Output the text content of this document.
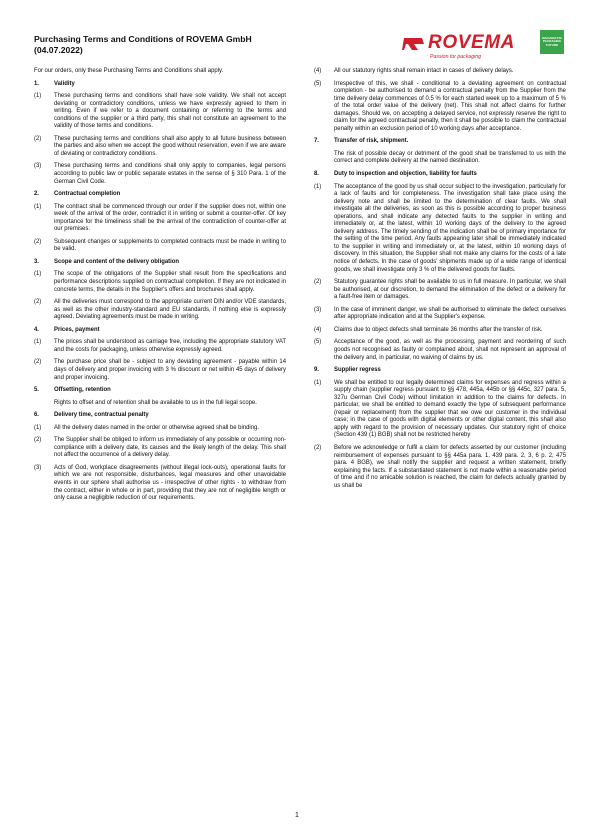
Purchasing Terms and Conditions of ROVEMA GmbH
(04.07.2022)	ROVEMA
Passion for packaging
NACHHALTIG PACKAGING FUTURE

For our orders, only these Purchasing Terms and Conditions shall apply.

1.	Validity
(1)	These purchasing terms and conditions shall have sole validity. We shall not accept deviating or contradictory conditions, unless we have expressly agreed to them in writing. Even if we refer to a document containing or referring to the terms and conditions of the supplier or a third party, this shall not constitute an agreement to the validity of those terms and conditions.
(2)	These purchasing terms and conditions shall also apply to all future business between the parties and also when we accept the good without reservation, even if we are aware of deviating or contradictory conditions.
(3)	These purchasing terms and conditions shall only apply to companies, legal persons according to public law or public separate estates in the sense of § 310 Para. 1 of the German Civil Code.
2.	Contractual completion
(1)	The contract shall be commenced through our order if the supplier does not, within one week of the arrival of the order, contradict it in writing or submit a counter-offer. Of key importance for the timeliness shall be the arrival of the contradiction of counter-offer at our premises.
(2)	Subsequent changes or supplements to completed contracts must be made in writing to be valid.
3.	Scope and content of the delivery obligation
(1)	The scope of the obligations of the Supplier shall result from the specifications and performance descriptions supplied on contractual completion. If they are not indicated in concrete terms, the details in the Supplier's offers and brochures shall apply.
(2)	All the deliveries must correspond to the appropriate current DIN and/or VDE standards, as well as the other industry-standard and EU standards, if nothing else is expressly agreed. Deviating agreements must be made in writing.
4.	Prices, payment
(1)	The prices shall be understood as carriage free, including the appropriate statutory VAT and the costs for packaging, unless otherwise expressly agreed.
(2)	The purchase price shall be - subject to any deviating agreement - payable within 14 days of delivery and proper invoicing with 3 % discount or net within 45 days of delivery and proper invoicing.
5.	Offsetting, retention

Rights to offset and of retention shall be available to us in the full legal scope.

6.	Delivery time, contractual penalty
(1)	All the delivery dates named in the order or otherwise agreed shall be binding.
(2)	The Supplier shall be obliged to inform us immediately of any possible or occurring non-compliance with a delivery date, its causes and the likely length of the delay. This shall not affect the occurrence of a delivery delay.
(3)	Acts of God, workplace disagreements (without illegal lock-outs), operational faults for which we are not responsible, disturbances, legal measures and other unavoidable events in our sphere shall authorise us - irrespective of other rights - to withdraw from the contract, either in whole or in part, providing that they are not of negligible length or only cause a negligible reduction of our requirements.
(4)	All our statutory rights shall remain intact in cases of delivery delays.
(5)	Irrespective of this, we shall - conditional to a deviating agreement on contractual completion - be authorised to demand a contractual penalty from the Supplier from the time delivery delay commences of 0.5 % for each started week up to a maximum of 5 % of the total order value of the delivery (net). This shall not affect claims for further damages. Should we, on accepting a delayed service, not expressly reserve the right to claim for the agreed contractual penalty, then it shall be possible to claim the contractual penalty within an exclusion period of 10 working days after acceptance.
7.	Transfer of risk, shipment.

The risk of possible decay or detriment of the good shall be transferred to us with the correct and complete delivery at the named destination.

8.	Duty to inspection and objection, liability for faults
(1)	The acceptance of the good by us shall occur subject to the investigation, particularly for a lack of faults and for completeness. The investigation shall take place using the delivery note and shall be limited to the determination of clear faults. We shall investigate all the deliveries, as soon as this is possible according to proper business operations, and shall indicate any detected faults to the supplier in writing and immediately or, at the latest, within 10 working days of the delivery to the agreed delivery address. The timely sending of the indication shall be of primary importance for the setting of the time period. Any faults appearing later shall be immediately indicated to the supplier in writing and immediately or, at the latest, within 10 working days of discovery. In this situation, the Supplier shall not make any claims for the costs of a late notice of defects. In the case of goods' shipments made up of a wide range of identical goods, we shall investigate only 3 % of the delivered goods for faults.
(2)	Statutory guarantee rights shall be available to us in full measure. In particular, we shall be authorised, at our discretion, to demand the elimination of the defect or a delivery for a fault-free item or damages.
(3)	In the case of imminent danger, we shall be authorised to eliminate the defect ourselves after appropriate indication and at the Supplier's expense.
(4)	Claims due to object defects shall terminate 36 months after the transfer of risk.
(5)	Acceptance of the good, as well as the processing, payment and reordering of such goods not recognised as faulty or complained about, shall not represent an approval of the delivery and, in particular, no waiving of claims by us.
9.	Supplier regress
(1)	We shall be entitled to our legally determined claims for expenses and regress within a supply chain (supplier regress pursuant to §§ 478, 445a, 445b or §§ 445c, 327 para. 5, 327u German Civil Code) without limitation in addition to the claims for defects. In particular, we shall be entitled to demand exactly the type of subsequent performance (repair or replacement) from the supplier that we owe our customer in the individual case; in the case of goods with digital elements or other digital content, this shall also apply with regard to the provision of necessary updates. Our statutory right of choice (Section 439 (1) BGB) shall not be restricted hereby
(2)	Before we acknowledge or fulfil a claim for defects asserted by our customer (including reimbursement of expenses pursuant to §§ 445a para. 1, 439 para. 2, 3, 6 p. 2, 475 para. 4 BGB), we shall notify the supplier and request a written statement, briefly explaining the facts. If a substantiated statement is not made within a reasonable period of time and if no amicable solution is reached, the claim for defects actually granted by us shall be
1
